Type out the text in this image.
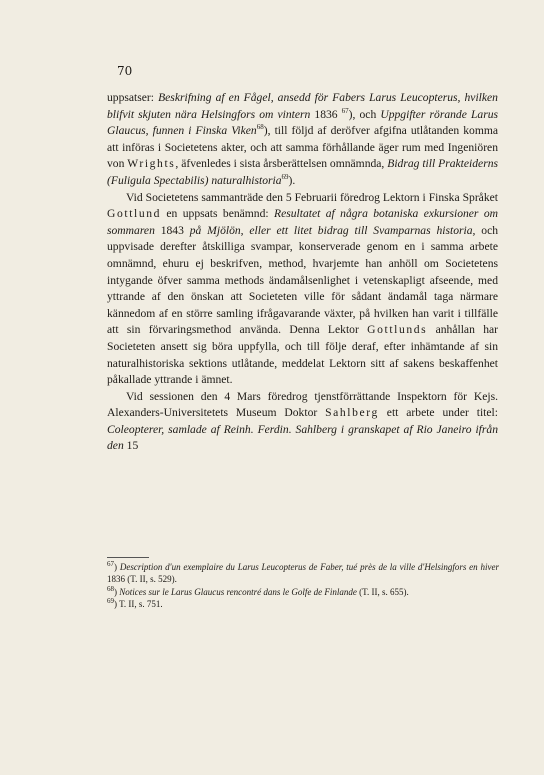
70

uppsatser: Beskrifning af en Fågel, ansedd för Fabers Larus Leucopterus, hvilken blifvit skjuten nära Helsingfors om vintern 1836 $^{67}$), och Uppgifter rörande Larus Glaucus, funnen i Finska Viken$^{68}$), till följd af deröfver afgifna utlåtanden komma att införas i Societetens akter, och att samma förhållande äger rum med Ingeniören von Wrights, äfvenledes i sista årsberättelsen omnämnda, Bidrag till Prakteiderns (Fuligula Spectabilis) naturalhistoria$^{69}$).

Vid Societetens sammanträde den 5 Februarii föredrog Lektorn i Finska Språket Gottlund en uppsats benämnd: Resultatet af några botaniska exkursioner om sommaren 1843 på Mjölön, eller ett litet bidrag till Svamparnas historia, och uppvisade derefter åtskilliga svampar, konserverade genom en i samma arbete omnämnd, ehuru ej beskrifven, method, hvarjemte han anhöll om Societetens intygande öfver samma methods ändamålsenlighet i vetenskapligt afseende, med yttrande af den önskan att Societeten ville för sådant ändamål taga närmare kännedom af en större samling ifrågavarande växter, på hvilken han varit i tillfälle att sin förvaringsmethod använda. Denna Lektor Gottlunds anhållan har Societeten ansett sig böra uppfylla, och till följe deraf, efter inhämtande af sin naturalhistoriska sektions utlåtande, meddelat Lektorn sitt af sakens beskaffenhet påkallade yttrande i ämnet.

Vid sessionen den 4 Mars föredrog tjenstförrättande Inspektorn för Kejs. Alexanders-Universitetets Museum Doktor Sahlberg ett arbete under titel: Coleopterer, samlade af Reinh. Ferdin. Sahlberg i granskapet af Rio Janeiro ifrån den 15

$^{67}$) Description d'un exemplaire du Larus Leucopterus de Faber, tué près de la ville d'Helsingfors en hiver 1836 (T. II, s. 529).

$^{68}$) Notices sur le Larus Glaucus rencontré dans le Golfe de Finlande (T. II, s. 655).

$^{69}$) T. II, s. 751.
